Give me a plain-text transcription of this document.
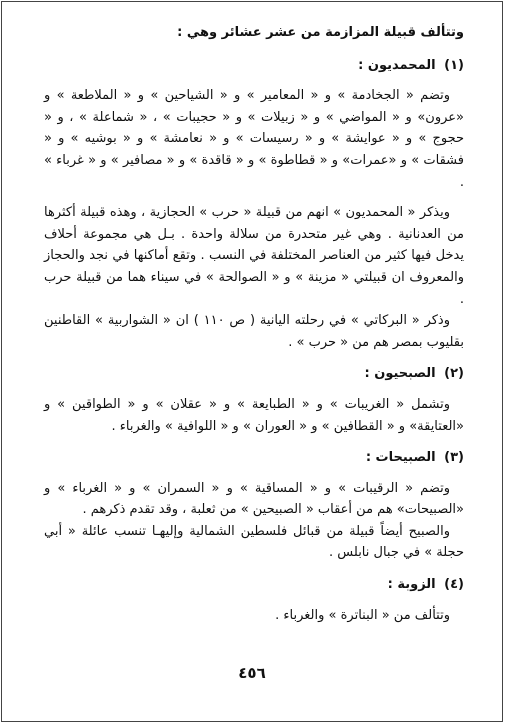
وتتألف قبيلة المزازمة من عشر عشائر وهي :

(١) المحمديون :

وتضم « الجخادمة » و « المعامير » و « الشياحين » و « الملاطعة » و «عرون» و « المواضي » و « زبيلات » و « حجيبات » ، « شماعلة » ، و « حجوج » و « عوايشة » و « رسيسات » و « نعامشة » و « بوشيه » و « فشقات » و «عمرات» و « قطاطوة » و « قاقدة » و « مصافير » و « غرباء » .

ويذكر « المحمديون » انهم من قبيلة « حرب » الحجازية ، وهذه قبيلة أكثرها من العدنانية . وهي غير متحدرة من سلالة واحدة . بـل هي مجموعة أحلاف يدخل فيها كثير من العناصر المختلفة في النسب . وتقع أماكنها في نجد والحجاز والمعروف ان قبيلتي « مزينة » و « الصوالحة » في سيناء هما من قبيلة حرب .

وذكر « البركاتي » في رحلته اليانية ( ص ١١٠ ) ان « الشواربية » القاطنين بقليوب بمصر هم من « حرب » .

(٢) الصبحيون :

وتشمل « الغريبات » و « الطبايعة » و « عقلان » و « الطواقين » و «العتايقة» و « القطافين » و « العوران » و « اللوافية » والغرباء .

(٣) الصبيحات :

وتضم « الرقيبات » و « المساقية » و « السمران » و « الغرباء » و «الصبيحات» هم من أعقاب « الصبيحين » من ثعلبة ، وقد تقدم ذكرهم .

والصبيح أيضاً قبيلة من قبائل فلسطين الشمالية وإليهـا تنسب عائلة « أبي حجلة » في جبال نابلس .

(٤) الزوبة :

وتتألف من « البناترة » والغرباء .

٤٥٦
